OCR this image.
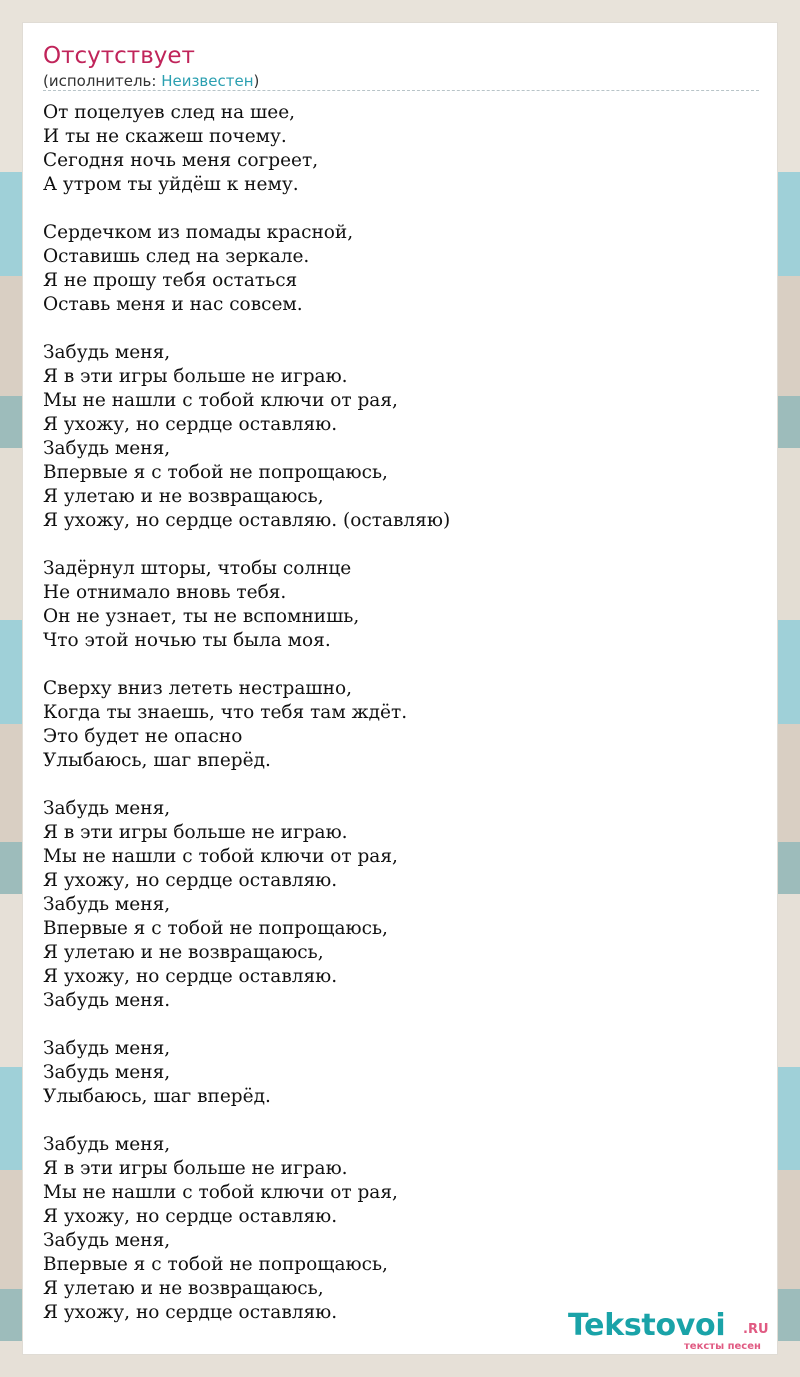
Отсутствует
(исполнитель: Неизвестен)
От поцелуев след на шее,
И ты не скажеш почему.
Сегодня ночь меня согреет,
А утром ты уйдёш к нему.
Сердечком из помады красной,
Оставишь след на зеркале.
Я не прошу тебя остаться
Оставь меня и нас совсем.
Забудь меня,
Я в эти игры больше не играю.
Мы не нашли с тобой ключи от рая,
Я ухожу, но сердце оставляю.
Забудь меня,
Впервые я с тобой не попрощаюсь,
Я улетаю и не возвращаюсь,
Я ухожу, но сердце оставляю. (оставляю)
Задёрнул шторы, чтобы солнце
Не отнимало вновь тебя.
Он не узнает, ты не вспомнишь,
Что этой ночью ты была моя.
Сверху вниз лететь нестрашно,
Когда ты знаешь, что тебя там ждёт.
Это будет не опасно
Улыбаюсь, шаг вперёд.
Забудь меня,
Я в эти игры больше не играю.
Мы не нашли с тобой ключи от рая,
Я ухожу, но сердце оставляю.
Забудь меня,
Впервые я с тобой не попрощаюсь,
Я улетаю и не возвращаюсь,
Я ухожу, но сердце оставляю.
Забудь меня.
Забудь меня,
Забудь меня,
Улыбаюсь, шаг вперёд.
Забудь меня,
Я в эти игры больше не играю.
Мы не нашли с тобой ключи от рая,
Я ухожу, но сердце оставляю.
Забудь меня,
Впервые я с тобой не попрощаюсь,
Я улетаю и не возвращаюсь,
Я ухожу, но сердце оставляю.	Tekstovoi .RU
тексты песен
